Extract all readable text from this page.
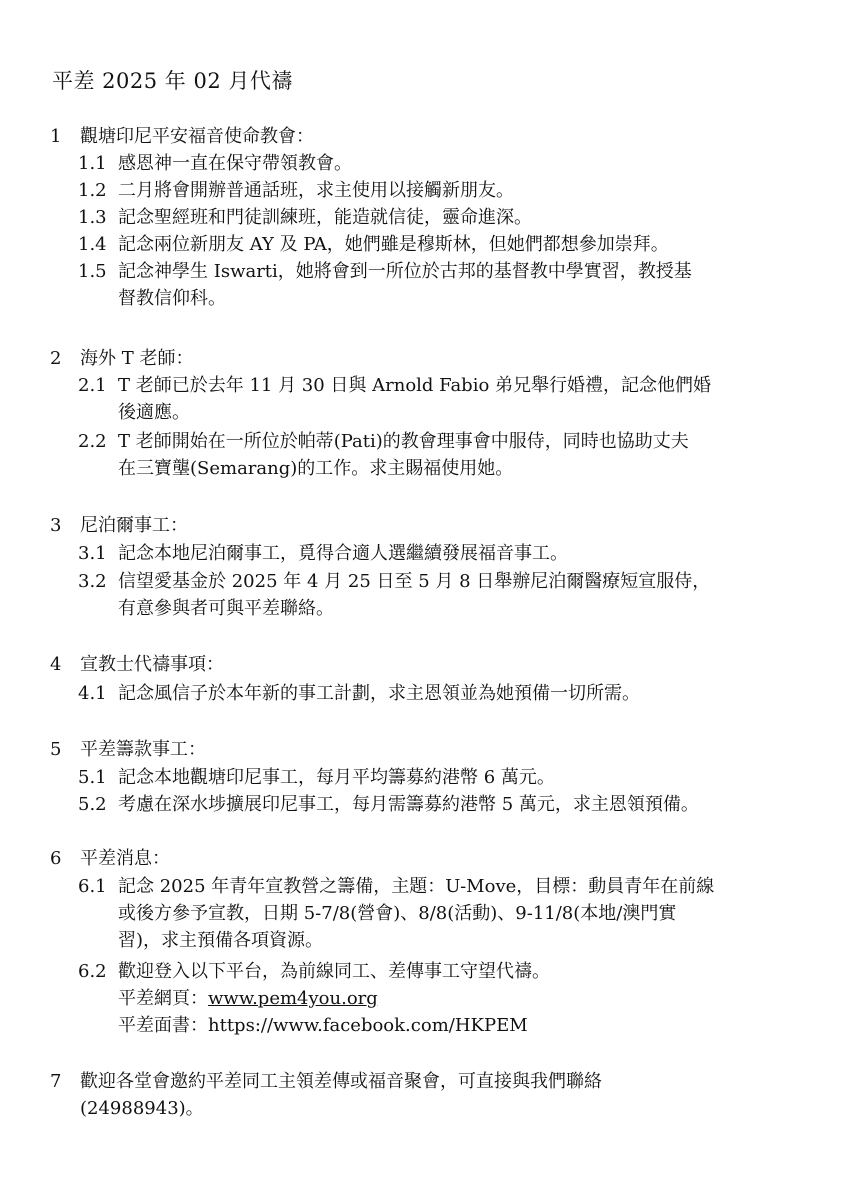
平差 2025 年 02 月代禱
1 觀塘印尼平安福音使命教會：
1.1 感恩神一直在保守帶領教會。
1.2 二月將會開辦普通話班，求主使用以接觸新朋友。
1.3 記念聖經班和門徒訓練班，能造就信徒，靈命進深。
1.4 記念兩位新朋友 AY 及 PA，她們雖是穆斯林，但她們都想參加崇拜。
1.5 記念神學生 Iswarti，她將會到一所位於古邦的基督教中學實習，教授基
督教信仰科。
2 海外 T 老師：
2.1 T 老師已於去年 11 月 30 日與 Arnold Fabio 弟兄舉行婚禮，記念他們婚
後適應。
2.2 T 老師開始在一所位於帕蒂(Pati)的教會理事會中服侍，同時也協助丈夫
在三寶壟(Semarang)的工作。求主賜福使用她。
3 尼泊爾事工：
3.1 記念本地尼泊爾事工，覓得合適人選繼續發展福音事工。
3.2 信望愛基金於 2025 年 4 月 25 日至 5 月 8 日舉辦尼泊爾醫療短宣服侍，
有意參與者可與平差聯絡。
4 宣教士代禱事項：
4.1 記念風信子於本年新的事工計劃，求主恩領並為她預備一切所需。
5 平差籌款事工：
5.1 記念本地觀塘印尼事工，每月平均籌募約港幣 6 萬元。
5.2 考慮在深水埗擴展印尼事工，每月需籌募約港幣 5 萬元，求主恩領預備。
6 平差消息：
6.1 記念 2025 年青年宣教營之籌備，主題：U-Move，目標：動員青年在前線
或後方參予宣教，日期 5-7/8(營會)、8/8(活動)、9-11/8(本地/澳門實
習)，求主預備各項資源。
6.2 歡迎登入以下平台，為前線同工、差傳事工守望代禱。
平差網頁：www.pem4you.org
平差面書：https://www.facebook.com/HKPEM
7 歡迎各堂會邀約平差同工主領差傳或福音聚會，可直接與我們聯絡
(24988943)。
